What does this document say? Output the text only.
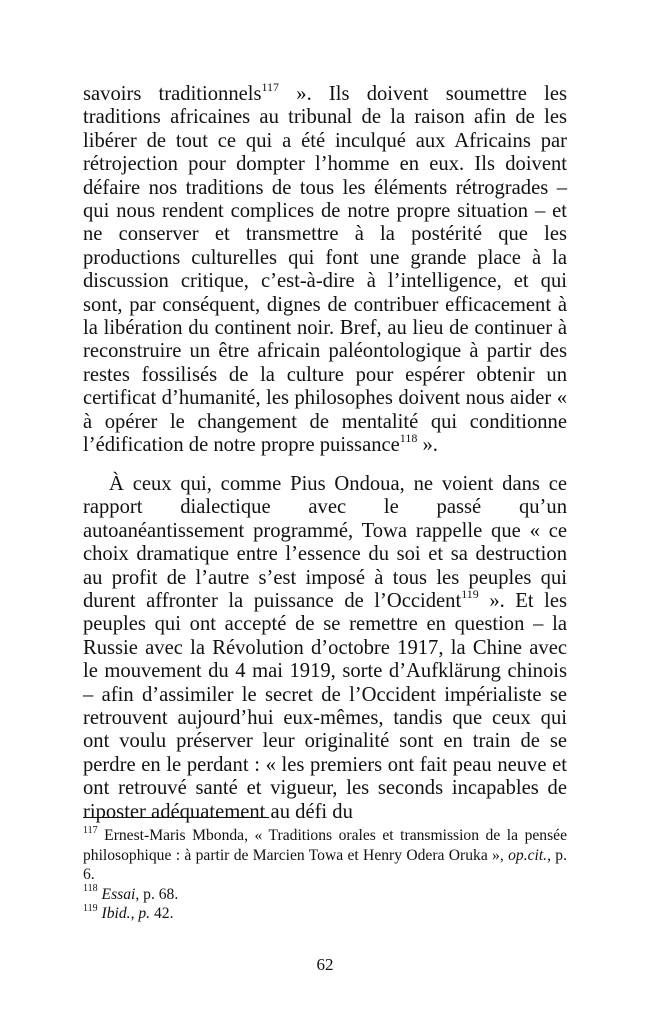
savoirs traditionnels$^{117}$ ». Ils doivent soumettre les traditions africaines au tribunal de la raison afin de les libérer de tout ce qui a été inculqué aux Africains par rétrojection pour dompter l’homme en eux. Ils doivent défaire nos traditions de tous les éléments rétrogrades – qui nous rendent complices de notre propre situation – et ne conserver et transmettre à la postérité que les productions culturelles qui font une grande place à la discussion critique, c’est-à-dire à l’intelligence, et qui sont, par conséquent, dignes de contribuer efficacement à la libération du continent noir. Bref, au lieu de continuer à reconstruire un être africain paléontologique à partir des restes fossilisés de la culture pour espérer obtenir un certificat d’humanité, les philosophes doivent nous aider « à opérer le changement de mentalité qui conditionne l’édification de notre propre puissance$^{118}$ ».
À ceux qui, comme Pius Ondoua, ne voient dans ce rapport dialectique avec le passé qu’un autoanéantissement programmé, Towa rappelle que « ce choix dramatique entre l’essence du soi et sa destruction au profit de l’autre s’est imposé à tous les peuples qui durent affronter la puissance de l’Occident$^{119}$ ». Et les peuples qui ont accepté de se remettre en question – la Russie avec la Révolution d’octobre 1917, la Chine avec le mouvement du 4 mai 1919, sorte d’Aufklärung chinois – afin d’assimiler le secret de l’Occident impérialiste se retrouvent aujourd’hui eux-mêmes, tandis que ceux qui ont voulu préserver leur originalité sont en train de se perdre en le perdant : « les premiers ont fait peau neuve et ont retrouvé santé et vigueur, les seconds incapables de riposter adéquatement au défi du
$^{117}$ Ernest-Maris Mbonda, « Traditions orales et transmission de la pensée philosophique : à partir de Marcien Towa et Henry Odera Oruka », op.cit., p. 6.
$^{118}$ Essai, p. 68.
$^{119}$ Ibid., p. 42.
62
